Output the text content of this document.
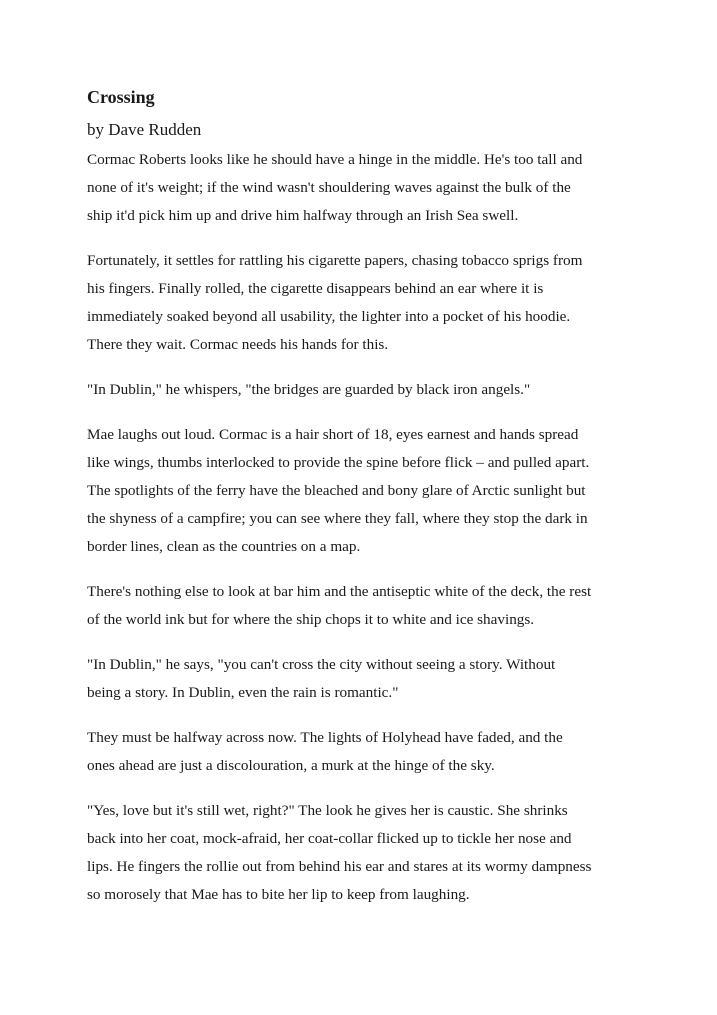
Crossing

by Dave Rudden

Cormac Roberts looks like he should have a hinge in the middle. He's too tall and
none of it's weight; if the wind wasn't shouldering waves against the bulk of the
ship it'd pick him up and drive him halfway through an Irish Sea swell.

Fortunately, it settles for rattling his cigarette papers, chasing tobacco sprigs from
his fingers. Finally rolled, the cigarette disappears behind an ear where it is
immediately soaked beyond all usability, the lighter into a pocket of his hoodie.
There they wait. Cormac needs his hands for this.

"In Dublin," he whispers, "the bridges are guarded by black iron angels."

Mae laughs out loud. Cormac is a hair short of 18, eyes earnest and hands spread
like wings, thumbs interlocked to provide the spine before flick – and pulled apart.
The spotlights of the ferry have the bleached and bony glare of Arctic sunlight but
the shyness of a campfire; you can see where they fall, where they stop the dark in
border lines, clean as the countries on a map.

There's nothing else to look at bar him and the antiseptic white of the deck, the rest
of the world ink but for where the ship chops it to white and ice shavings.

"In Dublin," he says, "you can't cross the city without seeing a story. Without
being a story. In Dublin, even the rain is romantic."

They must be halfway across now. The lights of Holyhead have faded, and the
ones ahead are just a discolouration, a murk at the hinge of the sky.

"Yes, love but it's still wet, right?" The look he gives her is caustic. She shrinks
back into her coat, mock-afraid, her coat-collar flicked up to tickle her nose and
lips. He fingers the rollie out from behind his ear and stares at its wormy dampness
so morosely that Mae has to bite her lip to keep from laughing.
